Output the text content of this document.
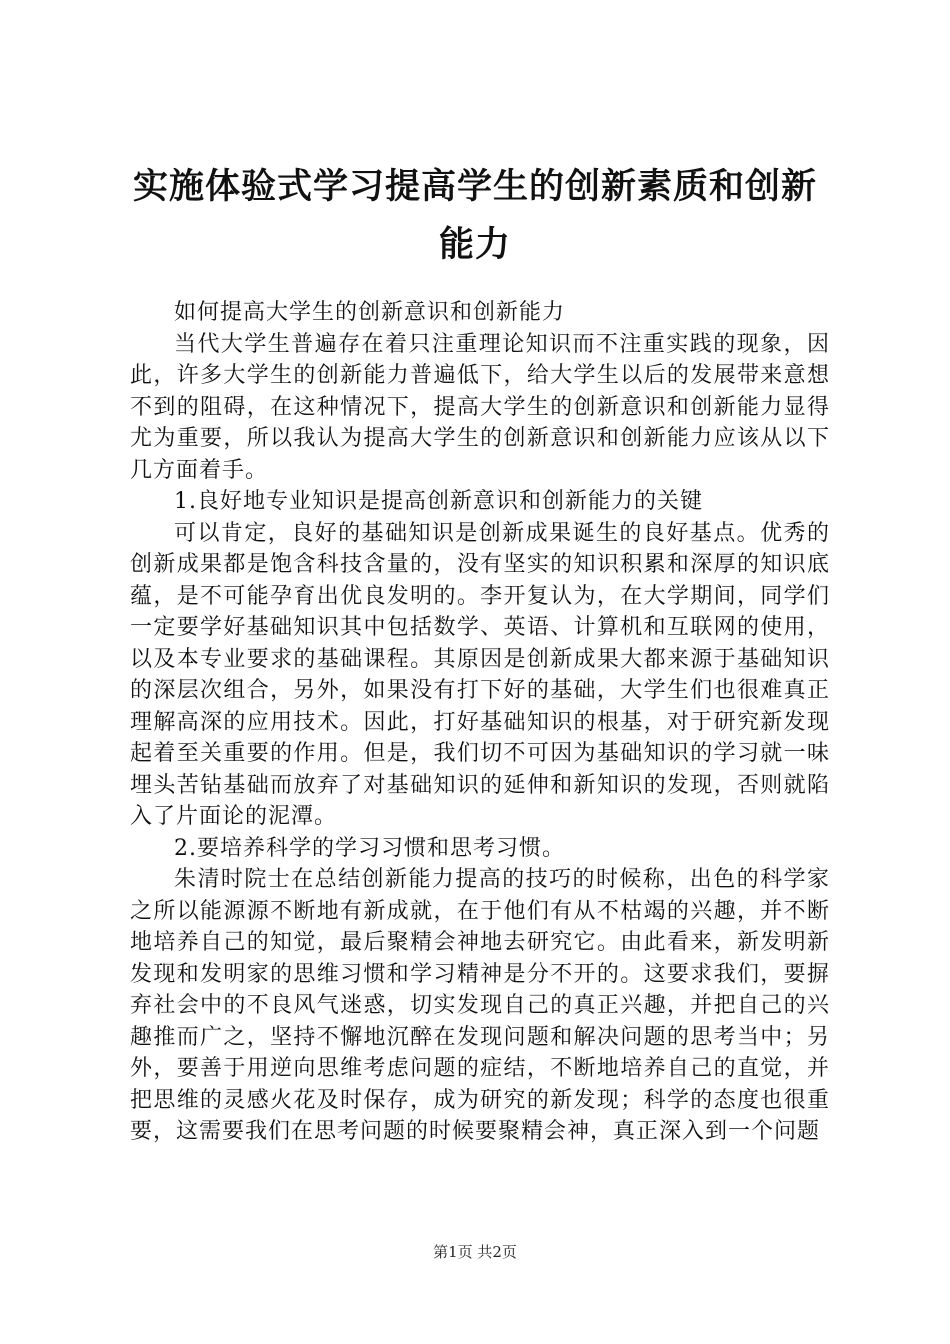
实施体验式学习提高学生的创新素质和创新能力

如何提高大学生的创新意识和创新能力

当代大学生普遍存在着只注重理论知识而不注重实践的现象，因此，许多大学生的创新能力普遍低下，给大学生以后的发展带来意想不到的阻碍，在这种情况下，提高大学生的创新意识和创新能力显得尤为重要，所以我认为提高大学生的创新意识和创新能力应该从以下几方面着手。

1.良好地专业知识是提高创新意识和创新能力的关键

可以肯定，良好的基础知识是创新成果诞生的良好基点。优秀的创新成果都是饱含科技含量的，没有坚实的知识积累和深厚的知识底蕴，是不可能孕育出优良发明的。李开复认为，在大学期间，同学们一定要学好基础知识其中包括数学、英语、计算机和互联网的使用，以及本专业要求的基础课程。其原因是创新成果大都来源于基础知识的深层次组合，另外，如果没有打下好的基础，大学生们也很难真正理解高深的应用技术。因此，打好基础知识的根基，对于研究新发现起着至关重要的作用。但是，我们切不可因为基础知识的学习就一味埋头苦钻基础而放弃了对基础知识的延伸和新知识的发现，否则就陷入了片面论的泥潭。

2.要培养科学的学习习惯和思考习惯。

朱清时院士在总结创新能力提高的技巧的时候称，出色的科学家之所以能源源不断地有新成就，在于他们有从不枯竭的兴趣，并不断地培养自己的知觉，最后聚精会神地去研究它。由此看来，新发明新发现和发明家的思维习惯和学习精神是分不开的。这要求我们，要摒弃社会中的不良风气迷惑，切实发现自己的真正兴趣，并把自己的兴趣推而广之，坚持不懈地沉醉在发现问题和解决问题的思考当中；另外，要善于用逆向思维考虑问题的症结，不断地培养自己的直觉，并把思维的灵感火花及时保存，成为研究的新发现；科学的态度也很重要，这需要我们在思考问题的时候要聚精会神，真正深入到一个问题

第1页 共2页
